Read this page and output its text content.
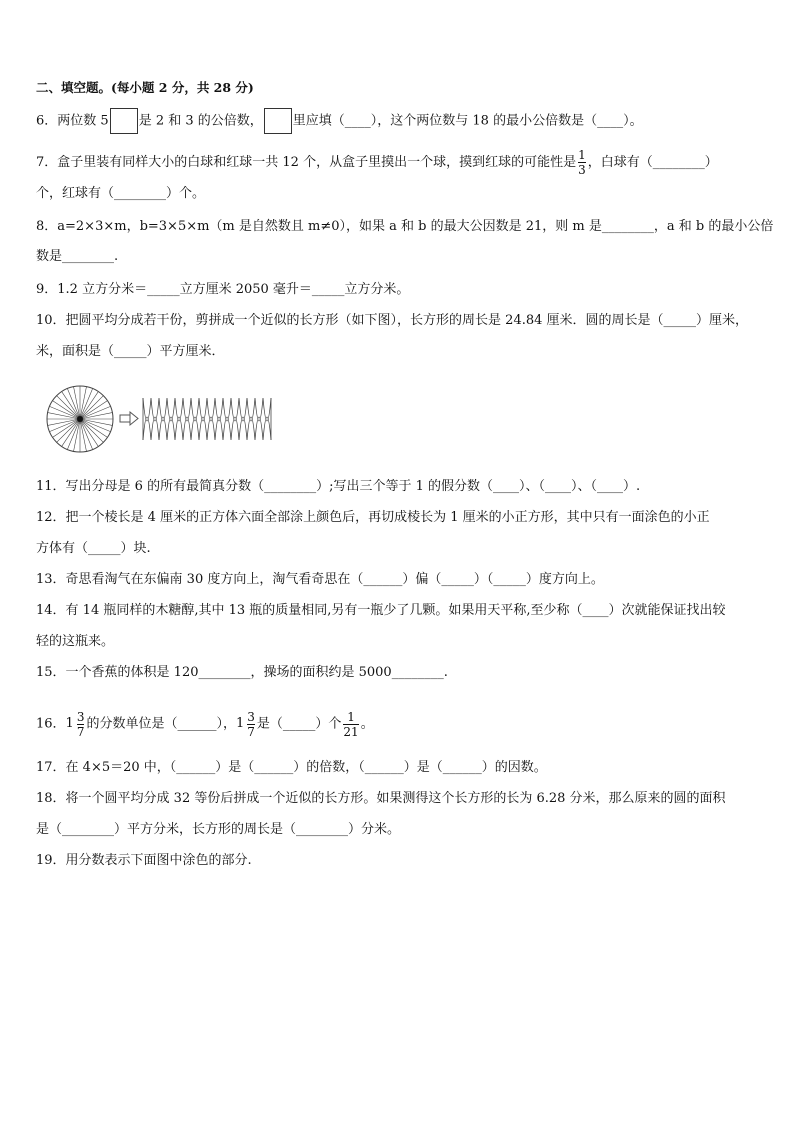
二、填空题。(每小题 2 分，共 28 分)
6．两位数 5 是 2 和 3 的公倍数， 里应填（____），这个两位数与 18 的最小公倍数是（____）。
7．盒子里装有同样大小的白球和红球一共 12 个，从盒子里摸出一个球，摸到红球的可能性是 $\frac{1}{3}$ ，白球有（________）
个，红球有（________）个。
8．a=2×3×m，b=3×5×m（m 是自然数且 m≠0），如果 a 和 b 的最大公因数是 21，则 m 是________，a 和 b 的最小公倍
数是________.
9．1.2 立方分米＝_____立方厘米 2050 毫升＝_____立方分米。
10．把圆平均分成若干份，剪拼成一个近似的长方形（如下图），长方形的周长是 24.84 厘米．圆的周长是（_____）厘米，
米，面积是（_____）平方厘米．
11．写出分母是 6 的所有最简真分数（________）;写出三个等于 1 的假分数（____）、（____）、（____）.
12．把一个棱长是 4 厘米的正方体六面全部涂上颜色后，再切成棱长为 1 厘米的小正方形，其中只有一面涂色的小正
方体有（_____）块.
13．奇思看淘气在东偏南 30 度方向上，淘气看奇思在（______）偏（_____）（_____）度方向上。
14．有 14 瓶同样的木糖醇,其中 13 瓶的质量相同,另有一瓶少了几颗。如果用天平称,至少称（____）次就能保证找出较
轻的这瓶来。
15．一个香蕉的体积是 120________，操场的面积约是 5000________.
16． $1 \frac{3}{7}$ 的分数单位是（______）， $1 \frac{3}{7}$ 是（_____）个 $\frac{1}{21}$ 。
17．在 4×5＝20 中，（______）是（______）的倍数，（______）是（______）的因数。
18．将一个圆平均分成 32 等份后拼成一个近似的长方形。如果测得这个长方形的长为 6.28 分米，那么原来的圆的面积
是（________）平方分米，长方形的周长是（________）分米。
19．用分数表示下面图中涂色的部分.
